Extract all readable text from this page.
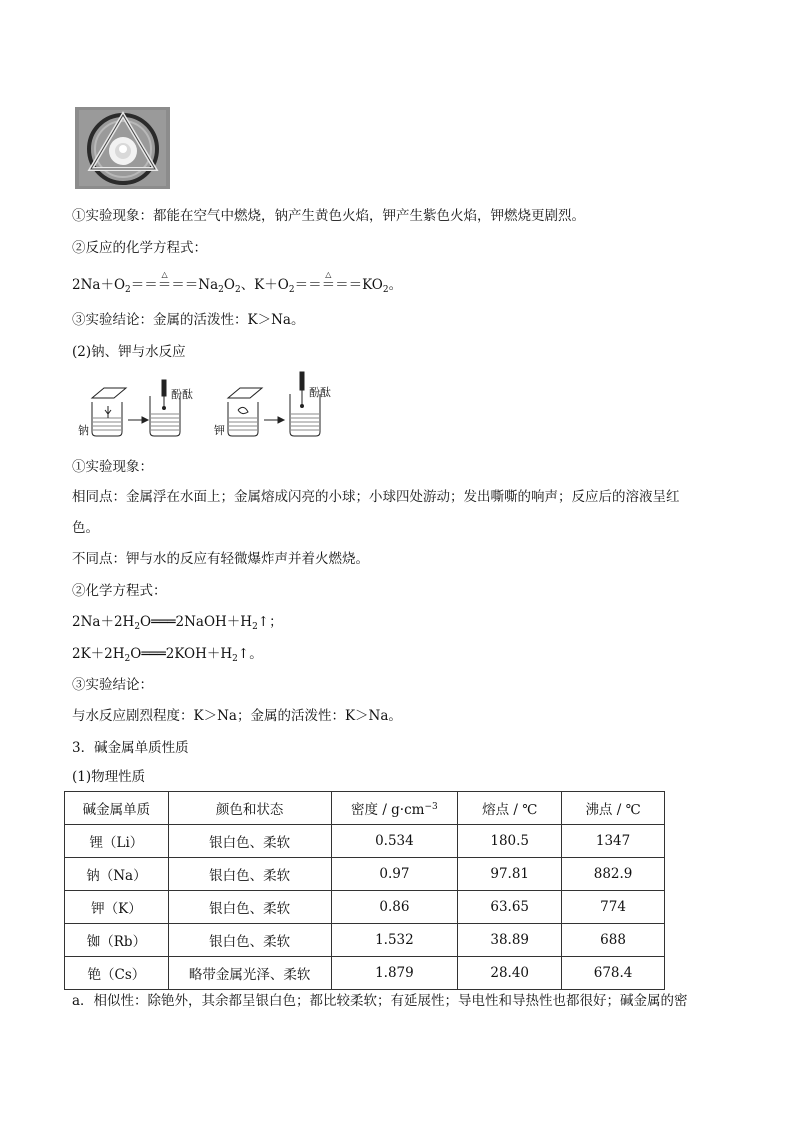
①实验现象：都能在空气中燃烧，钠产生黄色火焰，钾产生紫色火焰，钾燃烧更剧烈。
②反应的化学方程式：
$2Na+O_2==$
△
$===Na_2O_2$、$K+O_2==$
△
$===KO_2$。
③实验结论：金属的活泼性：K＞Na。
(2)钠、钾与水反应
钠
酚酞
钾
酚酞
①实验现象：
相同点：金属浮在水面上；金属熔成闪亮的小球；小球四处游动；发出嘶嘶的响声；反应后的溶液呈红
色。
不同点：钾与水的反应有轻微爆炸声并着火燃烧。
②化学方程式：
$2Na+2H_2O═══2NaOH+H_2↑$；
$2K+2H_2O═══2KOH+H_2↑$。
③实验结论：
与水反应剧烈程度：K＞Na；金属的活泼性：K＞Na。
3．碱金属单质性质
(1)物理性质
碱金属单质	颜色和状态	密度 / $g\cdot cm^{-3}$	熔点 / ℃	沸点 / ℃
锂（Li）	银白色、柔软	0.534	180.5	1347
钠（Na）	银白色、柔软	0.97	97.81	882.9
钾（K）	银白色、柔软	0.86	63.65	774
铷（Rb）	银白色、柔软	1.532	38.89	688
铯（Cs）	略带金属光泽、柔软	1.879	28.40	678.4
a．相似性：除铯外，其余都呈银白色；都比较柔软；有延展性；导电性和导热性也都很好；碱金属的密
